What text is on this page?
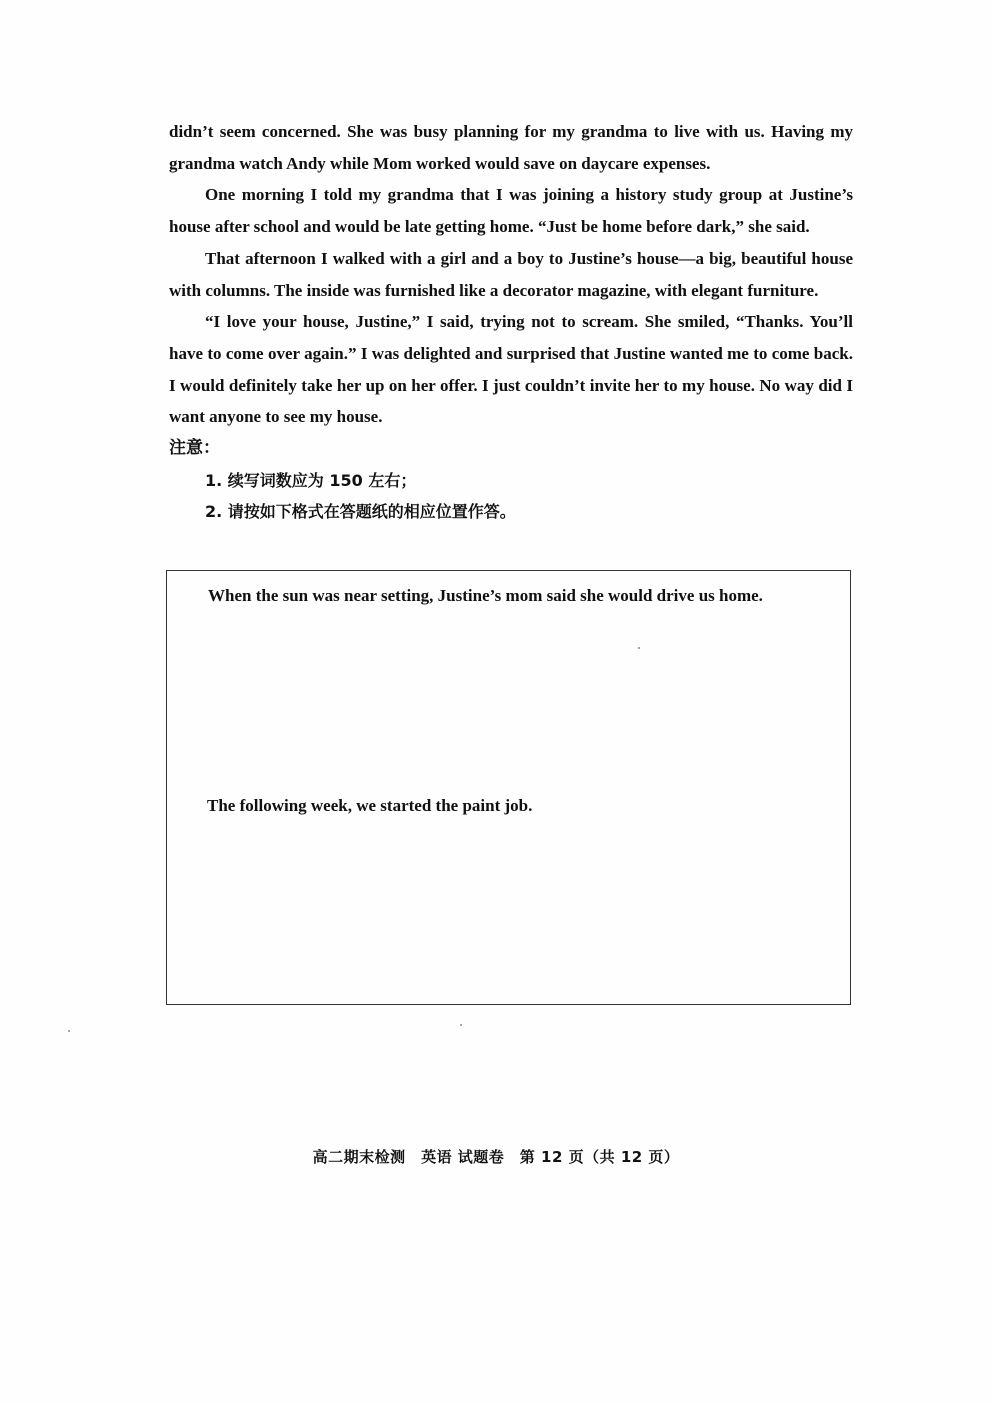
didn’t seem concerned. She was busy planning for my grandma to live with us. Having my grandma watch Andy while Mom worked would save on daycare expenses.

One morning I told my grandma that I was joining a history study group at Justine’s house after school and would be late getting home. “Just be home before dark,” she said.

That afternoon I walked with a girl and a boy to Justine’s house—a big, beautiful house with columns. The inside was furnished like a decorator magazine, with elegant furniture.

“I love your house, Justine,” I said, trying not to scream. She smiled, “Thanks. You’ll have to come over again.” I was delighted and surprised that Justine wanted me to come back. I would definitely take her up on her offer. I just couldn’t invite her to my house. No way did I want anyone to see my house.

注意：

1. 续写词数应为 150 左右；

2. 请按如下格式在答题纸的相应位置作答。

When the sun was near setting, Justine’s mom said she would drive us home.

The following week, we started the paint job.

高二期末检测　英语 试题卷　第 12 页（共 12 页）
